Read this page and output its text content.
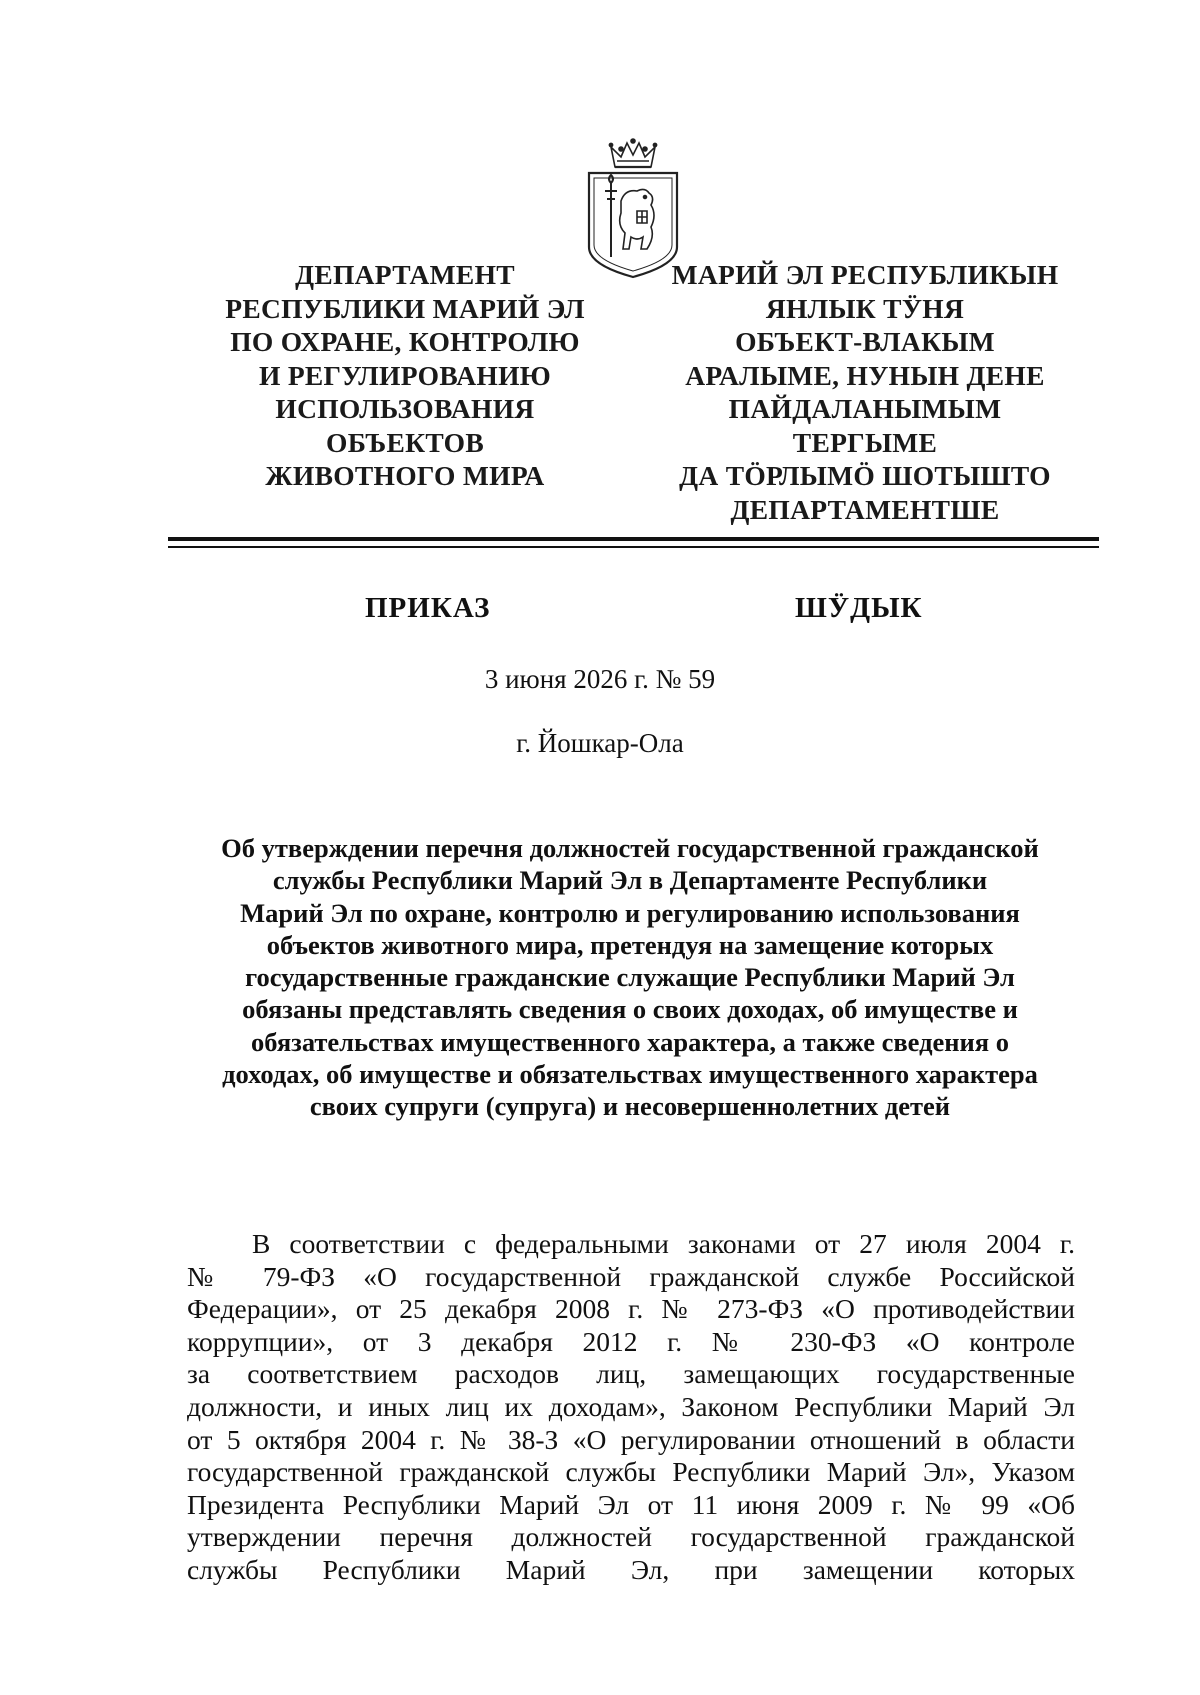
ДЕПАРТАМЕНТ
РЕСПУБЛИКИ МАРИЙ ЭЛ
ПО ОХРАНЕ, КОНТРОЛЮ
И РЕГУЛИРОВАНИЮ
ИСПОЛЬЗОВАНИЯ
ОБЪЕКТОВ
ЖИВОТНОГО МИРА
МАРИЙ ЭЛ РЕСПУБЛИКЫН
ЯНЛЫК ТӰНЯ
ОБЪЕКТ-ВЛАКЫМ
АРАЛЫМЕ, НУНЫН ДЕНЕ
ПАЙДАЛАНЫМЫМ
ТЕРГЫМЕ
ДА ТӦРЛЫМӦ ШОТЫШТО
ДЕПАРТАМЕНТШЕ
ПРИКАЗ	ШӰДЫК
3 июня 2026 г. № 59
г. Йошкар-Ола
Об утверждении перечня должностей государственной гражданской
службы Республики Марий Эл в Департаменте Республики
Марий Эл по охране, контролю и регулированию использования
объектов животного мира, претендуя на замещение которых
государственные гражданские служащие Республики Марий Эл
обязаны представлять сведения о своих доходах, об имуществе и
обязательствах имущественного характера, а также сведения о
доходах, об имуществе и обязательствах имущественного характера
своих супруги (супруга) и несовершеннолетних детей
В соответствии с федеральными законами от 27 июля 2004 г.
№ 79-ФЗ «О государственной гражданской службе Российской
Федерации», от 25 декабря 2008 г. № 273-ФЗ «О противодействии
коррупции», от 3 декабря 2012 г. № 230-ФЗ «О контроле
за соответствием расходов лиц, замещающих государственные
должности, и иных лиц их доходам», Законом Республики Марий Эл
от 5 октября 2004 г. № 38-З «О регулировании отношений в области
государственной гражданской службы Республики Марий Эл», Указом
Президента Республики Марий Эл от 11 июня 2009 г. № 99 «Об
утверждении перечня должностей государственной гражданской
службы Республики Марий Эл, при замещении которых
